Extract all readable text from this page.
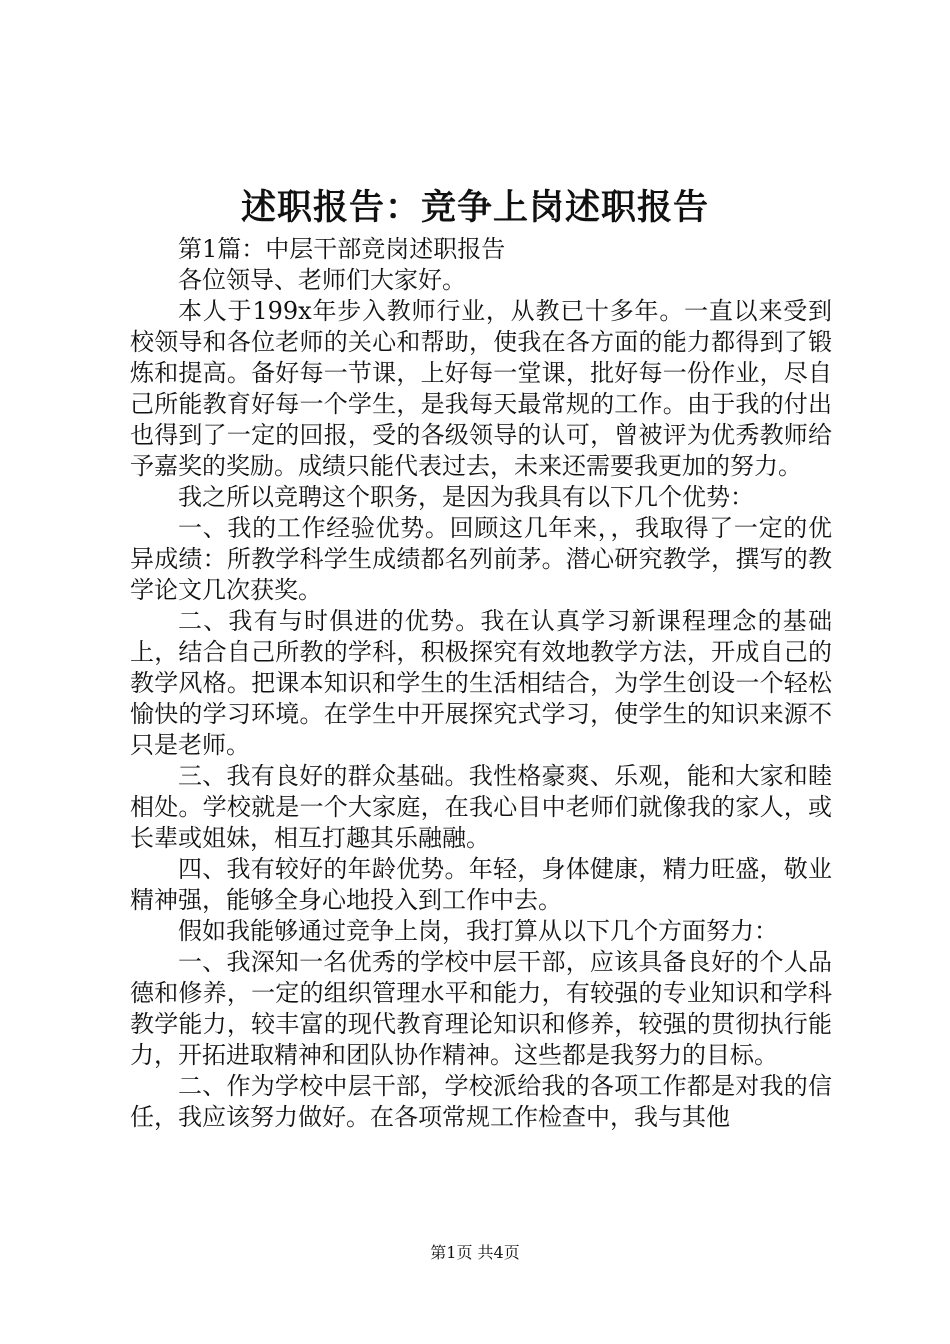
述职报告：竞争上岗述职报告

第1篇：中层干部竞岗述职报告

各位领导、老师们大家好。

本人于199x年步入教师行业，从教已十多年。一直以来受到校领导和各位老师的关心和帮助，使我在各方面的能力都得到了锻炼和提高。备好每一节课，上好每一堂课，批好每一份作业，尽自己所能教育好每一个学生，是我每天最常规的工作。由于我的付出也得到了一定的回报，受的各级领导的认可，曾被评为优秀教师给予嘉奖的奖励。成绩只能代表过去，未来还需要我更加的努力。

我之所以竞聘这个职务，是因为我具有以下几个优势：

一、我的工作经验优势。回顾这几年来，，我取得了一定的优异成绩：所教学科学生成绩都名列前茅。潜心研究教学，撰写的教学论文几次获奖。

二、我有与时俱进的优势。我在认真学习新课程理念的基础上，结合自己所教的学科，积极探究有效地教学方法，开成自己的教学风格。把课本知识和学生的生活相结合，为学生创设一个轻松愉快的学习环境。在学生中开展探究式学习，使学生的知识来源不只是老师。

三、我有良好的群众基础。我性格豪爽、乐观，能和大家和睦相处。学校就是一个大家庭，在我心目中老师们就像我的家人，或长辈或姐妹，相互打趣其乐融融。

四、我有较好的年龄优势。年轻，身体健康，精力旺盛，敬业精神强，能够全身心地投入到工作中去。

假如我能够通过竞争上岗，我打算从以下几个方面努力：

一、我深知一名优秀的学校中层干部，应该具备良好的个人品德和修养，一定的组织管理水平和能力，有较强的专业知识和学科教学能力，较丰富的现代教育理论知识和修养，较强的贯彻执行能力，开拓进取精神和团队协作精神。这些都是我努力的目标。

二、作为学校中层干部，学校派给我的各项工作都是对我的信任，我应该努力做好。在各项常规工作检查中，我与其他

第1页 共4页
